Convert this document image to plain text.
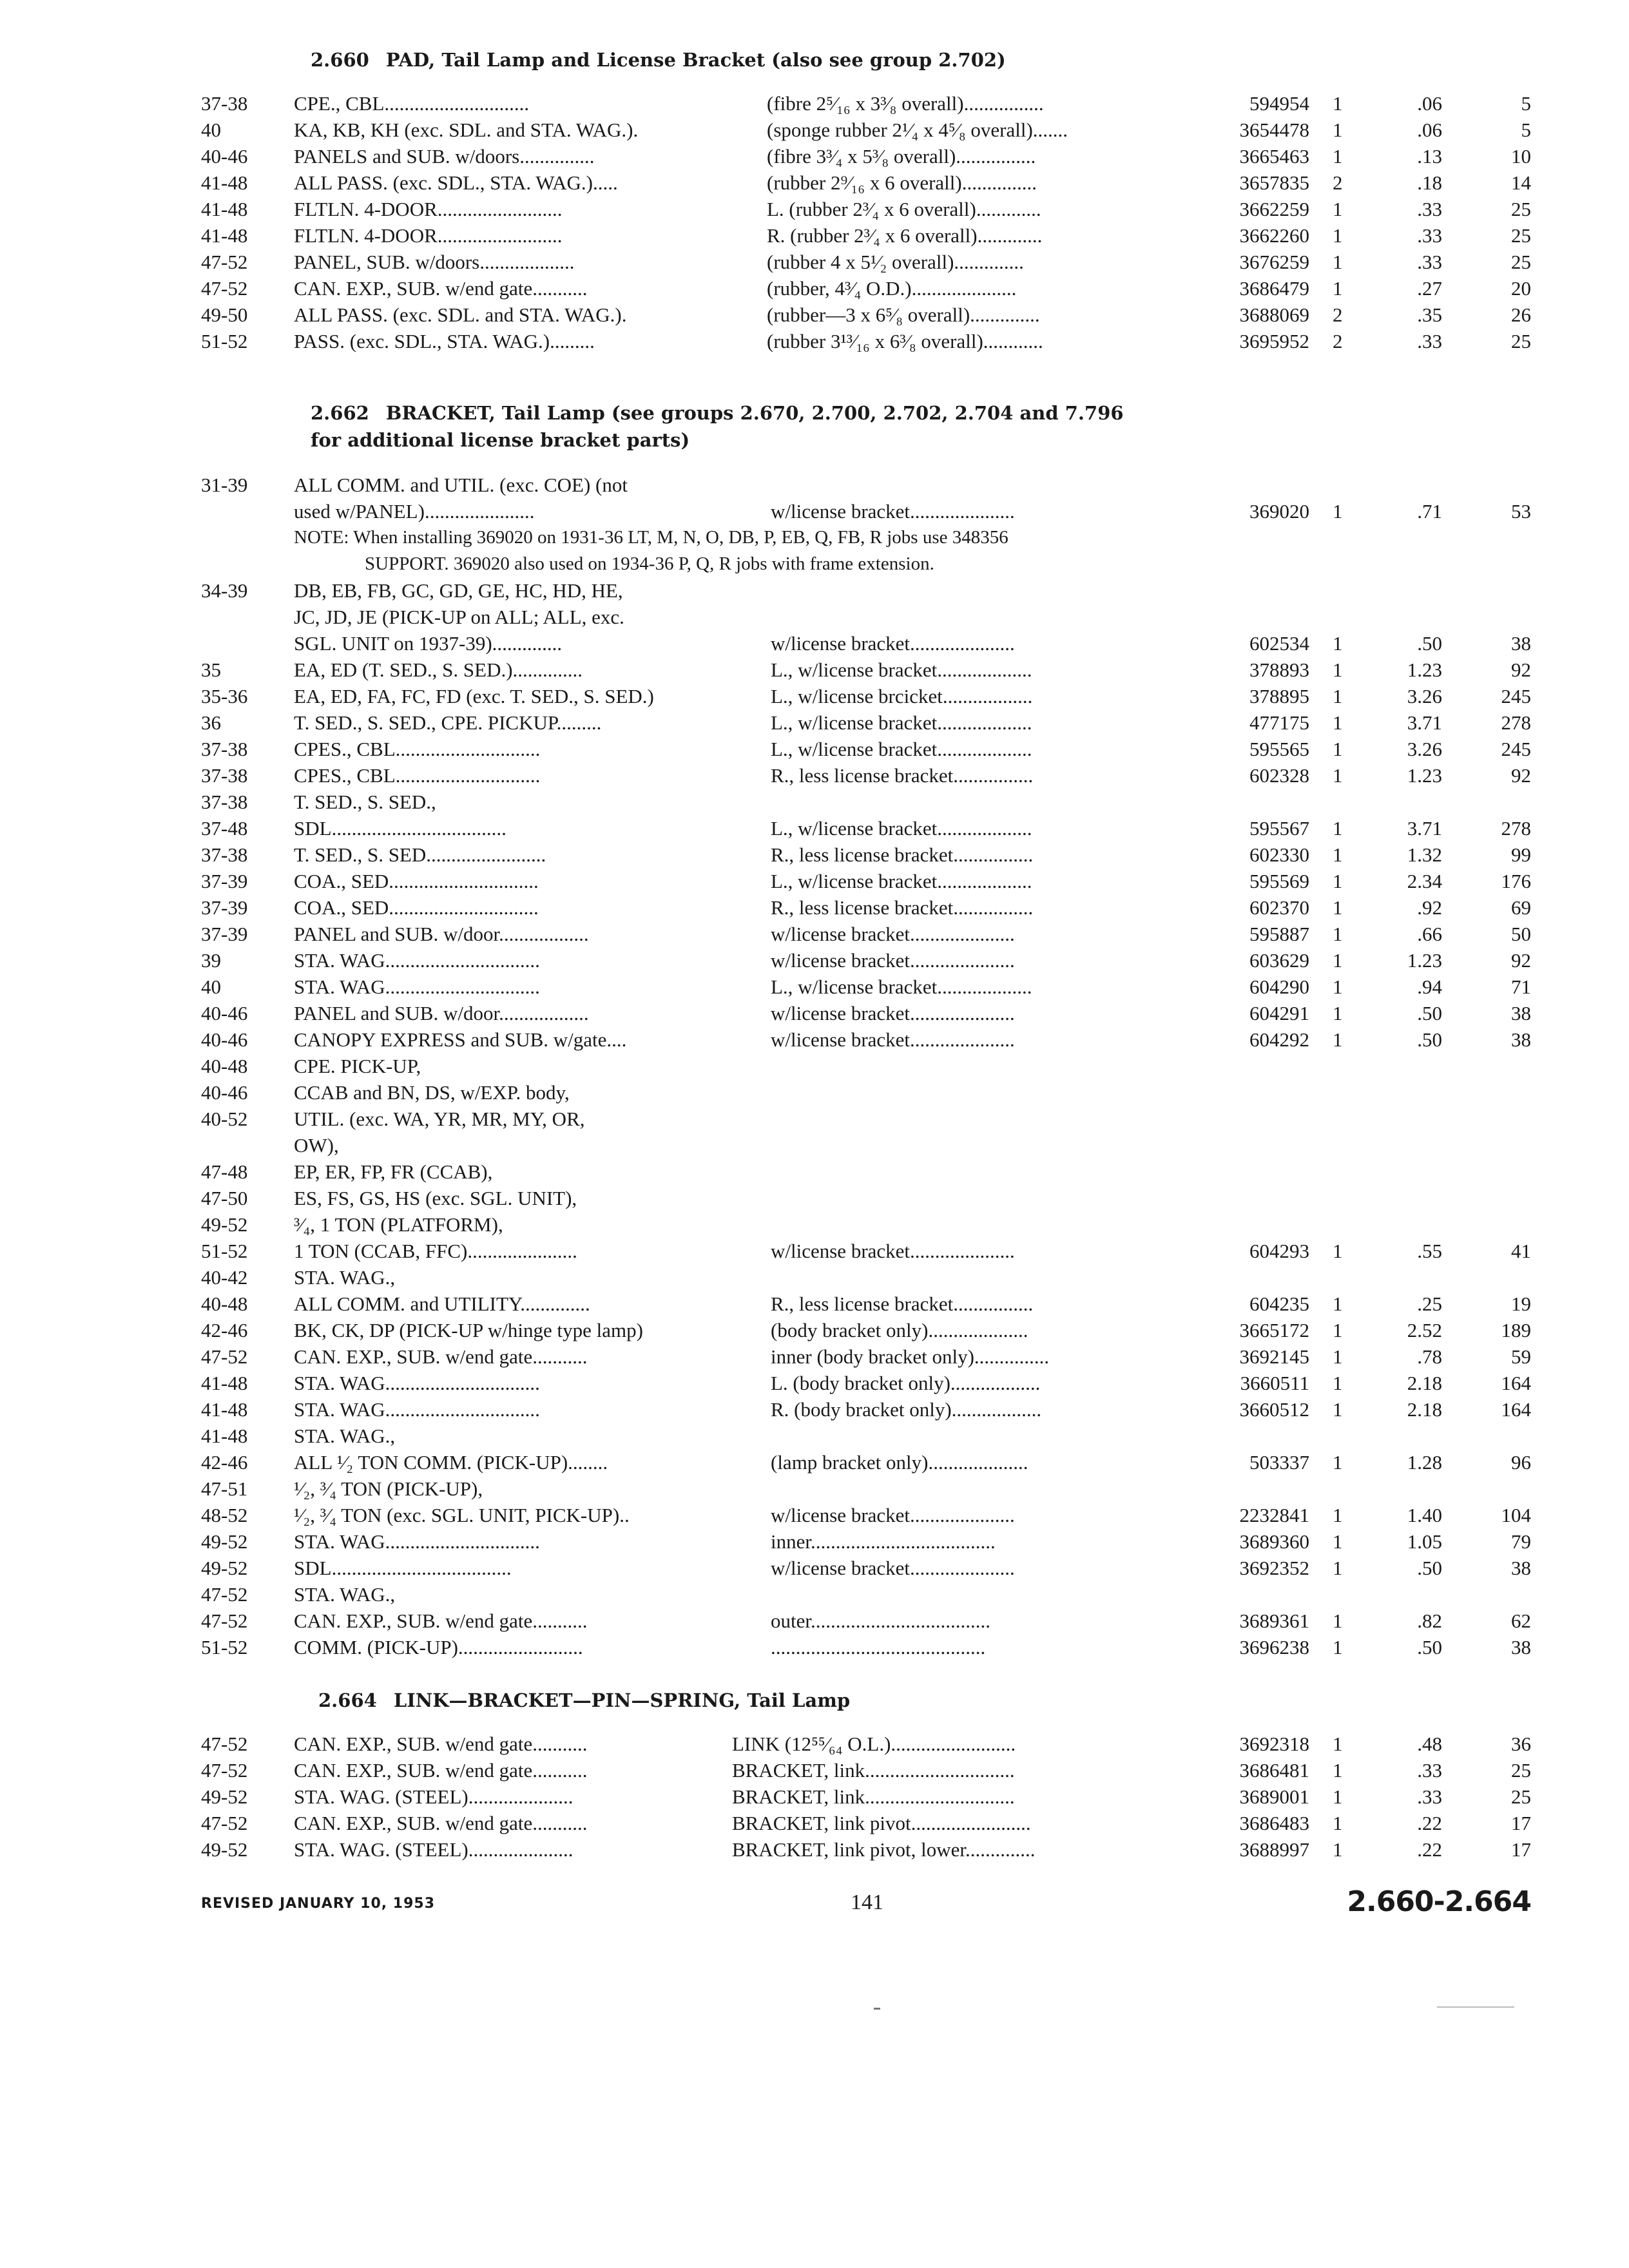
2.660 PAD, Tail Lamp and License Bracket (also see group 2.702)
37-38 CPE., CBL.............................	(fibre 2⁵⁄₁₆ x 3³⁄₈ overall)................	594954 1	.06	5
40	KA, KB, KH (exc. SDL. and STA. WAG.).	(sponge rubber 2¹⁄₄ x 4⁵⁄₈ overall).......	3654478 1	.06	5
40-46 PANELS and SUB. w/doors...............	(fibre 3³⁄₄ x 5³⁄₈ overall)................	3665463 1	.13	10
41-48 ALL PASS. (exc. SDL., STA. WAG.).....	(rubber 2⁹⁄₁₆ x 6 overall)...............	3657835 2	.18	14
41-48 FLTLN. 4-DOOR.........................	L. (rubber 2³⁄₄ x 6 overall).............	3662259 1	.33	25
41-48 FLTLN. 4-DOOR.........................	R. (rubber 2³⁄₄ x 6 overall).............	3662260 1	.33	25
47-52 PANEL, SUB. w/doors...................	(rubber 4 x 5¹⁄₂ overall)..............	3676259 1	.33	25
47-52 CAN. EXP., SUB. w/end gate...........	(rubber, 4³⁄₄ O.D.).....................	3686479 1	.27	20
49-50 ALL PASS. (exc. SDL. and STA. WAG.).	(rubber—3 x 6⁵⁄₈ overall)..............	3688069 2	.35	26
51-52 PASS. (exc. SDL., STA. WAG.).........	(rubber 3¹³⁄₁₆ x 6³⁄₈ overall)............	3695952 2	.33	25
2.662 BRACKET, Tail Lamp (see groups 2.670, 2.700, 2.702, 2.704 and 7.796
for additional license bracket parts)
31-39 ALL COMM. and UTIL. (exc. COE) (not
used w/PANEL)......................	w/license bracket.....................	369020 1	.71	53
NOTE: When installing 369020 on 1931-36 LT, M, N, O, DB, P, EB, Q, FB, R jobs use 348356
SUPPORT. 369020 also used on 1934-36 P, Q, R jobs with frame extension.
34-39 DB, EB, FB, GC, GD, GE, HC, HD, HE,
JC, JD, JE (PICK-UP on ALL; ALL, exc.
SGL. UNIT on 1937-39)..............	w/license bracket.....................	602534 1	.50	38
35	EA, ED (T. SED., S. SED.)..............	L., w/license bracket...................	378893 1	1.23	92
35-36 EA, ED, FA, FC, FD (exc. T. SED., S. SED.)	L., w/license brcicket..................	378895 1	3.26	245
36	T. SED., S. SED., CPE. PICKUP.........	L., w/license bracket...................	477175 1	3.71	278
37-38 CPES., CBL.............................	L., w/license bracket...................	595565 1	3.26	245
37-38 CPES., CBL.............................	R., less license bracket................	602328 1	1.23	92
37-38 T. SED., S. SED.,
37-48 SDL...................................	L., w/license bracket...................	595567 1	3.71	278
37-38 T. SED., S. SED........................	R., less license bracket................	602330 1	1.32	99
37-39 COA., SED..............................	L., w/license bracket...................	595569 1	2.34	176
37-39 COA., SED..............................	R., less license bracket................	602370 1	.92	69
37-39 PANEL and SUB. w/door..................	w/license bracket.....................	595887 1	.66	50
39	STA. WAG...............................	w/license bracket.....................	603629 1	1.23	92
40	STA. WAG...............................	L., w/license bracket...................	604290 1	.94	71
40-46 PANEL and SUB. w/door..................	w/license bracket.....................	604291 1	.50	38
40-46 CANOPY EXPRESS and SUB. w/gate....	w/license bracket.....................	604292 1	.50	38
40-48 CPE. PICK-UP,
40-46 CCAB and BN, DS, w/EXP. body,
40-52 UTIL. (exc. WA, YR, MR, MY, OR,
OW),
47-48 EP, ER, FP, FR (CCAB),
47-50 ES, FS, GS, HS (exc. SGL. UNIT),
49-52 ³⁄₄, 1 TON (PLATFORM),
51-52 1 TON (CCAB, FFC)......................	w/license bracket.....................	604293 1	.55	41
40-42 STA. WAG.,
40-48 ALL COMM. and UTILITY..............	R., less license bracket................	604235 1	.25	19
42-46 BK, CK, DP (PICK-UP w/hinge type lamp)	(body bracket only)....................	3665172 1	2.52	189
47-52 CAN. EXP., SUB. w/end gate...........	inner (body bracket only)...............	3692145 1	.78	59
41-48 STA. WAG...............................	L. (body bracket only)..................	3660511 1	2.18	164
41-48 STA. WAG...............................	R. (body bracket only)..................	3660512 1	2.18	164
41-48 STA. WAG.,
42-46 ALL ¹⁄₂ TON COMM. (PICK-UP)........	(lamp bracket only)....................	503337 1	1.28	96
47-51 ¹⁄₂, ³⁄₄ TON (PICK-UP),
48-52 ¹⁄₂, ³⁄₄ TON (exc. SGL. UNIT, PICK-UP)..	w/license bracket.....................	2232841 1	1.40	104
49-52 STA. WAG...............................	inner.....................................	3689360 1	1.05	79
49-52 SDL....................................	w/license bracket.....................	3692352 1	.50	38
47-52 STA. WAG.,
47-52 CAN. EXP., SUB. w/end gate...........	outer....................................	3689361 1	.82	62
51-52 COMM. (PICK-UP).........................	...........................................	3696238 1	.50	38
2.664 LINK—BRACKET—PIN—SPRING, Tail Lamp
47-52 CAN. EXP., SUB. w/end gate...........	LINK (12⁵⁵⁄₆₄ O.L.).........................	3692318 1	.48	36
47-52 CAN. EXP., SUB. w/end gate...........	BRACKET, link..............................	3686481 1	.33	25
49-52 STA. WAG. (STEEL).....................	BRACKET, link..............................	3689001 1	.33	25
47-52 CAN. EXP., SUB. w/end gate...........	BRACKET, link pivot........................	3686483 1	.22	17
49-52 STA. WAG. (STEEL).....................	BRACKET, link pivot, lower..............	3688997 1	.22	17
REVISED JANUARY 10, 1953	141	2.660-2.664
